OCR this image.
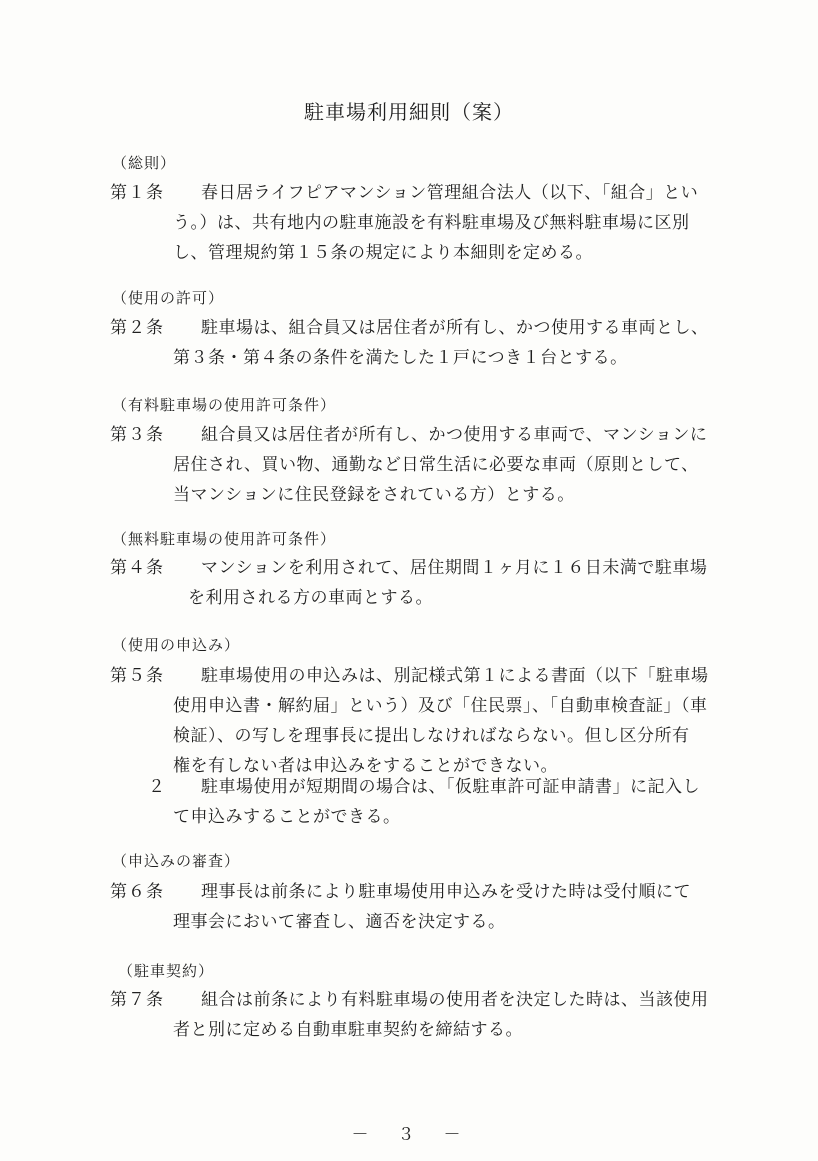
駐車場利用細則（案）
（総則）
第１条 春日居ライフピアマンション管理組合法人（以下、「組合」とい
う。）は、共有地内の駐車施設を有料駐車場及び無料駐車場に区別
し、管理規約第１５条の規定により本細則を定める。
（使用の許可）
第２条 駐車場は、組合員又は居住者が所有し、かつ使用する車両とし、
第３条・第４条の条件を満たした１戸につき１台とする。
（有料駐車場の使用許可条件）
第３条 組合員又は居住者が所有し、かつ使用する車両で、マンションに
居住され、買い物、通勤など日常生活に必要な車両（原則として、
当マンションに住民登録をされている方）とする。
（無料駐車場の使用許可条件）
第４条 マンションを利用されて、居住期間１ヶ月に１６日未満で駐車場
を利用される方の車両とする。
（使用の申込み）
第５条 駐車場使用の申込みは、別記様式第１による書面（以下「駐車場
使用申込書・解約届」という）及び「住民票」、「自動車検査証」（車
検証）、の写しを理事長に提出しなければならない。但し区分所有
権を有しない者は申込みをすることができない。
２ 駐車場使用が短期間の場合は、「仮駐車許可証申請書」に記入し
て申込みすることができる。
（申込みの審査）
第６条 理事長は前条により駐車場使用申込みを受けた時は受付順にて
理事会において審査し、適否を決定する。
（駐車契約）
第７条 組合は前条により有料駐車場の使用者を決定した時は、当該使用
者と別に定める自動車駐車契約を締結する。
－　３　－
